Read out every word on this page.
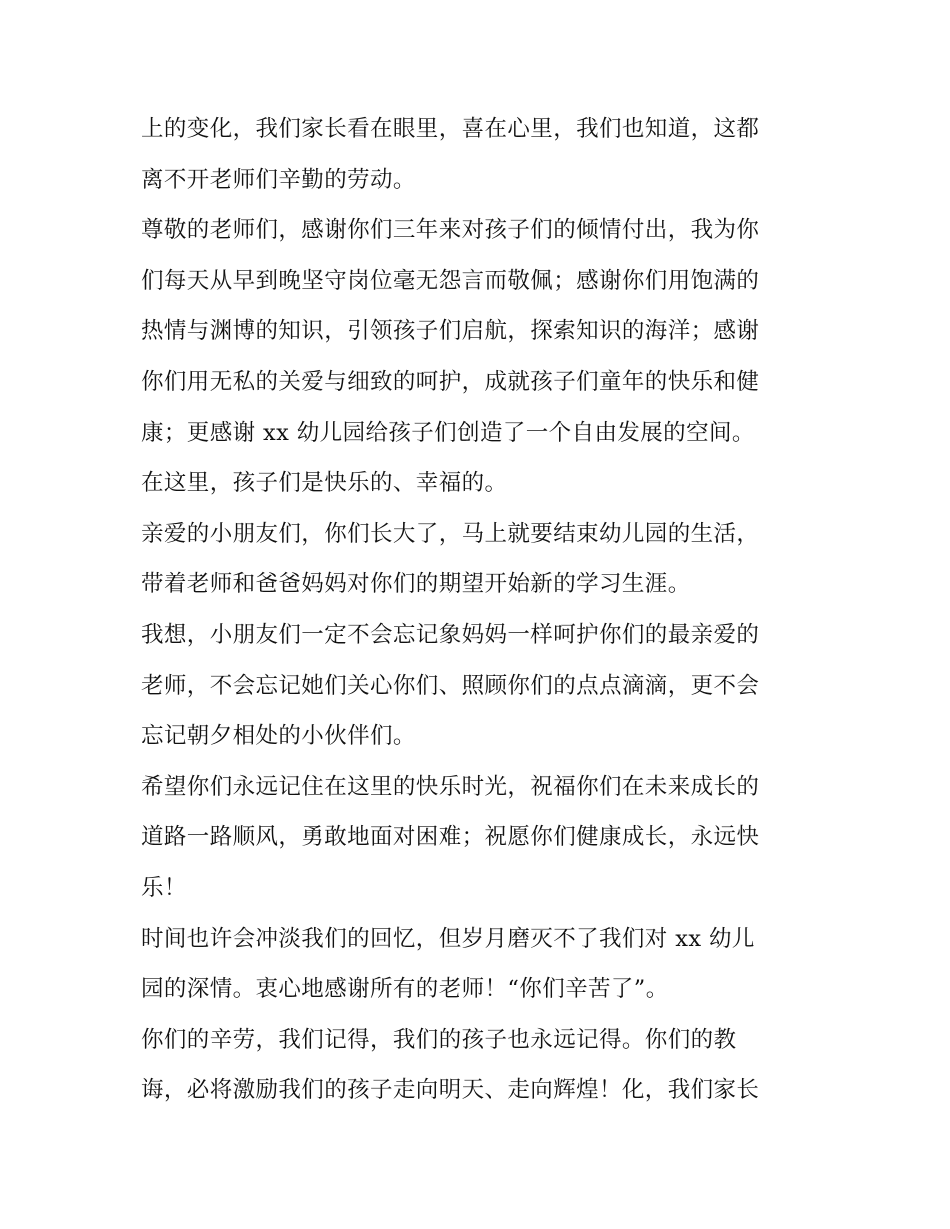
上的变化，我们家长看在眼里，喜在心里，我们也知道，这都
离不开老师们辛勤的劳动。
尊敬的老师们，感谢你们三年来对孩子们的倾情付出，我为你
们每天从早到晚坚守岗位毫无怨言而敬佩；感谢你们用饱满的
热情与渊博的知识，引领孩子们启航，探索知识的海洋；感谢
你们用无私的关爱与细致的呵护，成就孩子们童年的快乐和健
康；更感谢 xx 幼儿园给孩子们创造了一个自由发展的空间。
在这里，孩子们是快乐的、幸福的。
亲爱的小朋友们，你们长大了，马上就要结束幼儿园的生活，
带着老师和爸爸妈妈对你们的期望开始新的学习生涯。
我想，小朋友们一定不会忘记象妈妈一样呵护你们的最亲爱的
老师，不会忘记她们关心你们、照顾你们的点点滴滴，更不会
忘记朝夕相处的小伙伴们。
希望你们永远记住在这里的快乐时光，祝福你们在未来成长的
道路一路顺风，勇敢地面对困难；祝愿你们健康成长，永远快
乐！
时间也许会冲淡我们的回忆，但岁月磨灭不了我们对 xx 幼儿
园的深情。衷心地感谢所有的老师！“你们辛苦了”。
你们的辛劳，我们记得，我们的孩子也永远记得。你们的教
诲，必将激励我们的孩子走向明天、走向辉煌！化，我们家长
